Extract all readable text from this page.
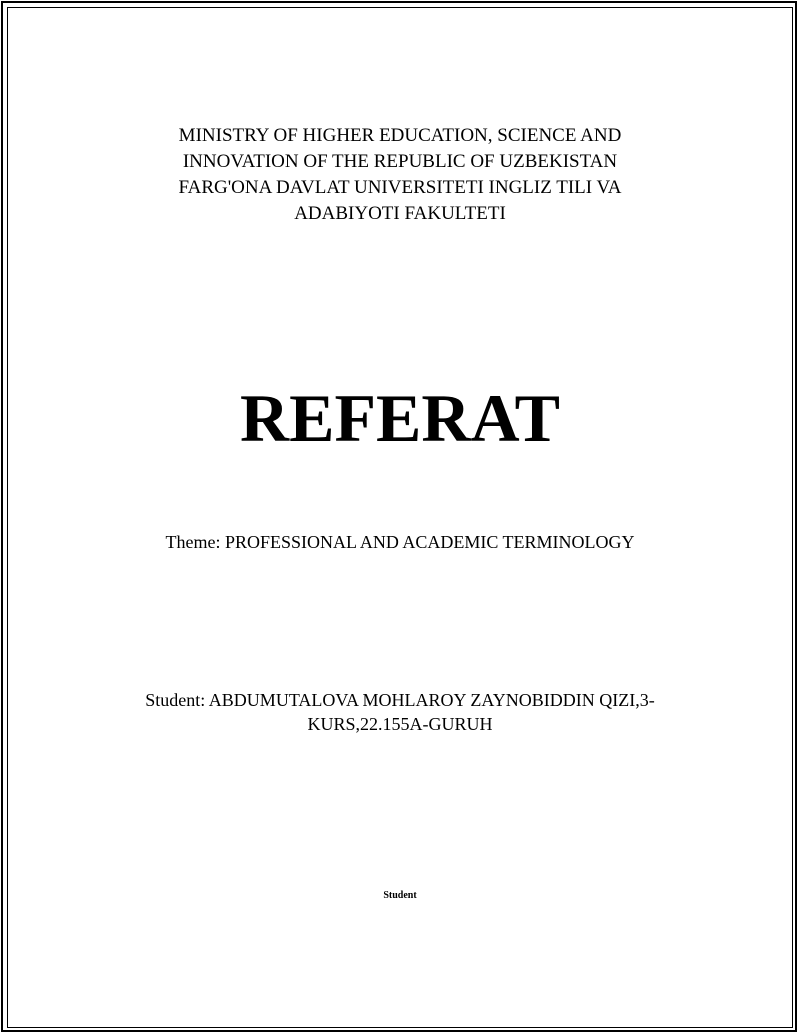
MINISTRY OF HIGHER EDUCATION, SCIENCE AND
INNOVATION OF THE REPUBLIC OF UZBEKISTAN
FARG'ONA DAVLAT UNIVERSITETI INGLIZ TILI VA
ADABIYOTI FAKULTETI
REFERAT
Theme: PROFESSIONAL AND ACADEMIC TERMINOLOGY
Student: ABDUMUTALOVA MOHLAROY ZAYNOBIDDIN QIZI,3-
KURS,22.155A-GURUH
Student
